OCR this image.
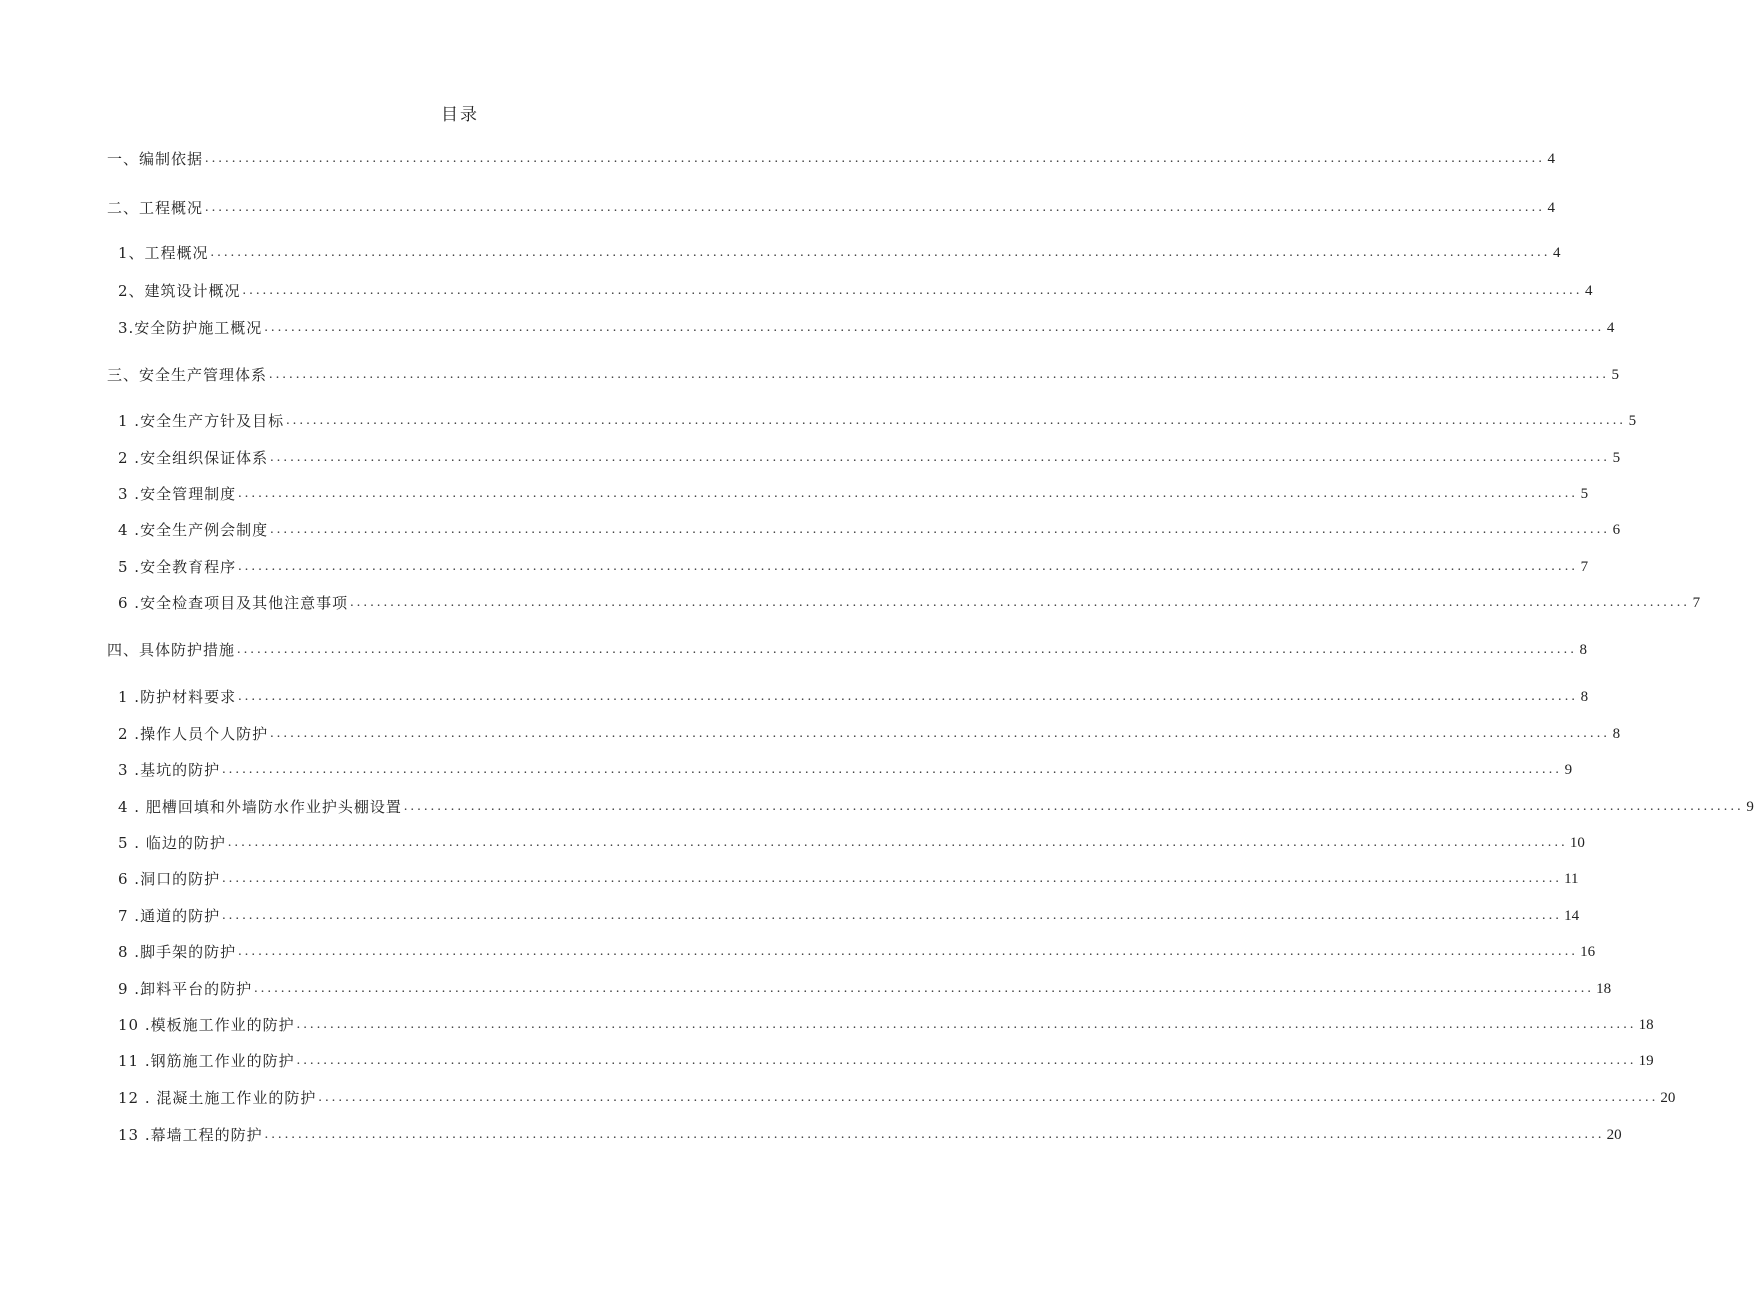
目录
一、编制依据 ........................................................................................................................................................................................................ 4
二、工程概况 ........................................................................................................................................................................................................ 4
1、工程概况 ........................................................................................................................................................................................................ 4
2、建筑设计概况 ........................................................................................................................................................................................................ 4
3.安全防护施工概况 ........................................................................................................................................................................................................ 4
三、安全生产管理体系 ........................................................................................................................................................................................................ 5
1 .安全生产方针及目标 ........................................................................................................................................................................................................ 5
2 .安全组织保证体系 ........................................................................................................................................................................................................ 5
3 .安全管理制度 ........................................................................................................................................................................................................ 5
4 .安全生产例会制度 ........................................................................................................................................................................................................ 6
5 .安全教育程序 ........................................................................................................................................................................................................ 7
6 .安全检查项目及其他注意事项 ........................................................................................................................................................................................................ 7
四、具体防护措施 ........................................................................................................................................................................................................ 8
1 .防护材料要求 ........................................................................................................................................................................................................ 8
2 .操作人员个人防护 ........................................................................................................................................................................................................ 8
3 .基坑的防护 ........................................................................................................................................................................................................ 9
4 . 肥槽回填和外墙防水作业护头棚设置 ........................................................................................................................................................................................................ 9
5 . 临边的防护 ........................................................................................................................................................................................................ 10
6 .洞口的防护 ........................................................................................................................................................................................................ 11
7 .通道的防护 ........................................................................................................................................................................................................ 14
8 .脚手架的防护 ........................................................................................................................................................................................................ 16
9 .卸料平台的防护 ........................................................................................................................................................................................................ 18
10 .模板施工作业的防护 ........................................................................................................................................................................................................ 18
11 .钢筋施工作业的防护 ........................................................................................................................................................................................................ 19
12 . 混凝土施工作业的防护 ........................................................................................................................................................................................................ 20
13 .幕墙工程的防护 ........................................................................................................................................................................................................ 20
